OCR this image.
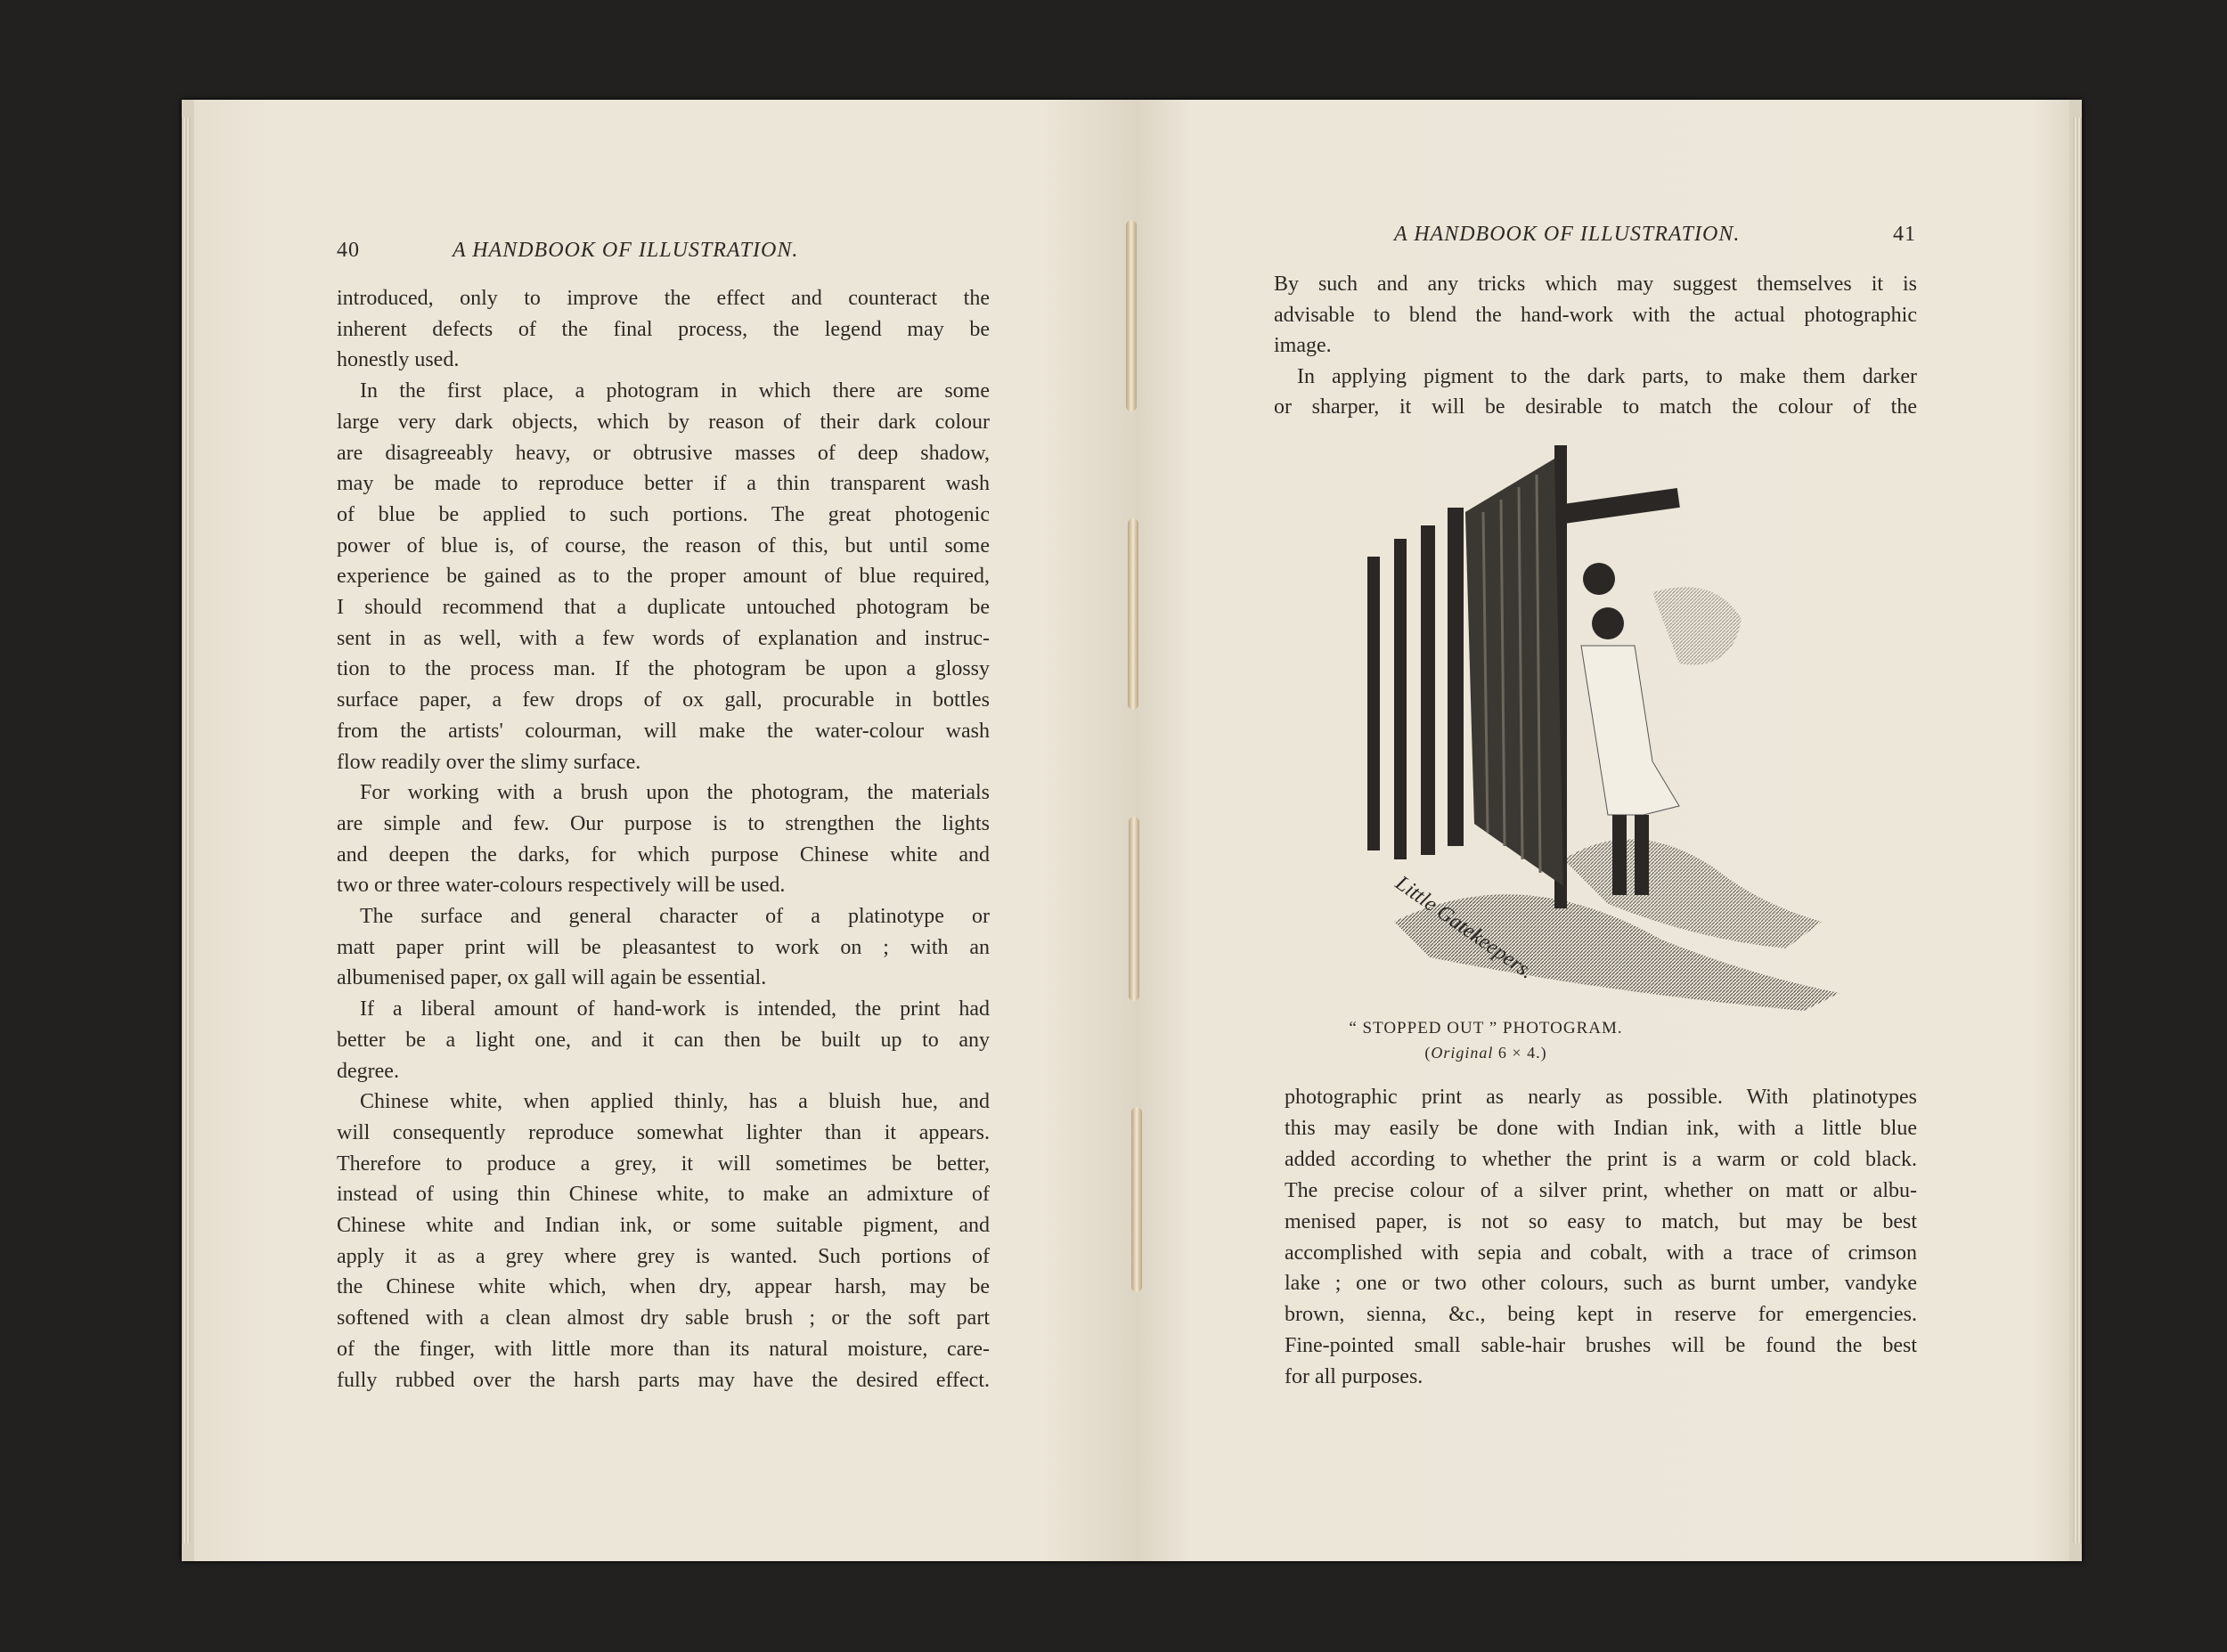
40	A HANDBOOK OF ILLUSTRATION.
A HANDBOOK OF ILLUSTRATION.	41
introduced, only to improve the effect and counteract the
inherent defects of the final process, the legend may be
honestly used.
In the first place, a photogram in which there are some
large very dark objects, which by reason of their dark colour
are disagreeably heavy, or obtrusive masses of deep shadow,
may be made to reproduce better if a thin transparent wash
of blue be applied to such portions. The great photogenic
power of blue is, of course, the reason of this, but until some
experience be gained as to the proper amount of blue required,
I should recommend that a duplicate untouched photogram be
sent in as well, with a few words of explanation and instruc-
tion to the process man. If the photogram be upon a glossy
surface paper, a few drops of ox gall, procurable in bottles
from the artists' colourman, will make the water-colour wash
flow readily over the slimy surface.
For working with a brush upon the photogram, the materials
are simple and few. Our purpose is to strengthen the lights
and deepen the darks, for which purpose Chinese white and
two or three water-colours respectively will be used.
The surface and general character of a platinotype or
matt paper print will be pleasantest to work on ; with an
albumenised paper, ox gall will again be essential.
If a liberal amount of hand-work is intended, the print had
better be a light one, and it can then be built up to any
degree.
Chinese white, when applied thinly, has a bluish hue, and
will consequently reproduce somewhat lighter than it appears.
Therefore to produce a grey, it will sometimes be better,
instead of using thin Chinese white, to make an admixture of
Chinese white and Indian ink, or some suitable pigment, and
apply it as a grey where grey is wanted. Such portions of
the Chinese white which, when dry, appear harsh, may be
softened with a clean almost dry sable brush ; or the soft part
of the finger, with little more than its natural moisture, care-
fully rubbed over the harsh parts may have the desired effect.
By such and any tricks which may suggest themselves it is
advisable to blend the hand-work with the actual photographic
image.
In applying pigment to the dark parts, to make them darker
or sharper, it will be desirable to match the colour of the
photographic print as nearly as possible. With platinotypes
this may easily be done with Indian ink, with a little blue
added according to whether the print is a warm or cold black.
The precise colour of a silver print, whether on matt or albu-
menised paper, is not so easy to match, but may be best
accomplished with sepia and cobalt, with a trace of crimson
lake ; one or two other colours, such as burnt umber, vandyke
brown, sienna, &c., being kept in reserve for emergencies.
Fine-pointed small sable-hair brushes will be found the best
for all purposes.
Little Gatekeepers.
“ STOPPED OUT ” PHOTOGRAM.
(Original 6 × 4.)
